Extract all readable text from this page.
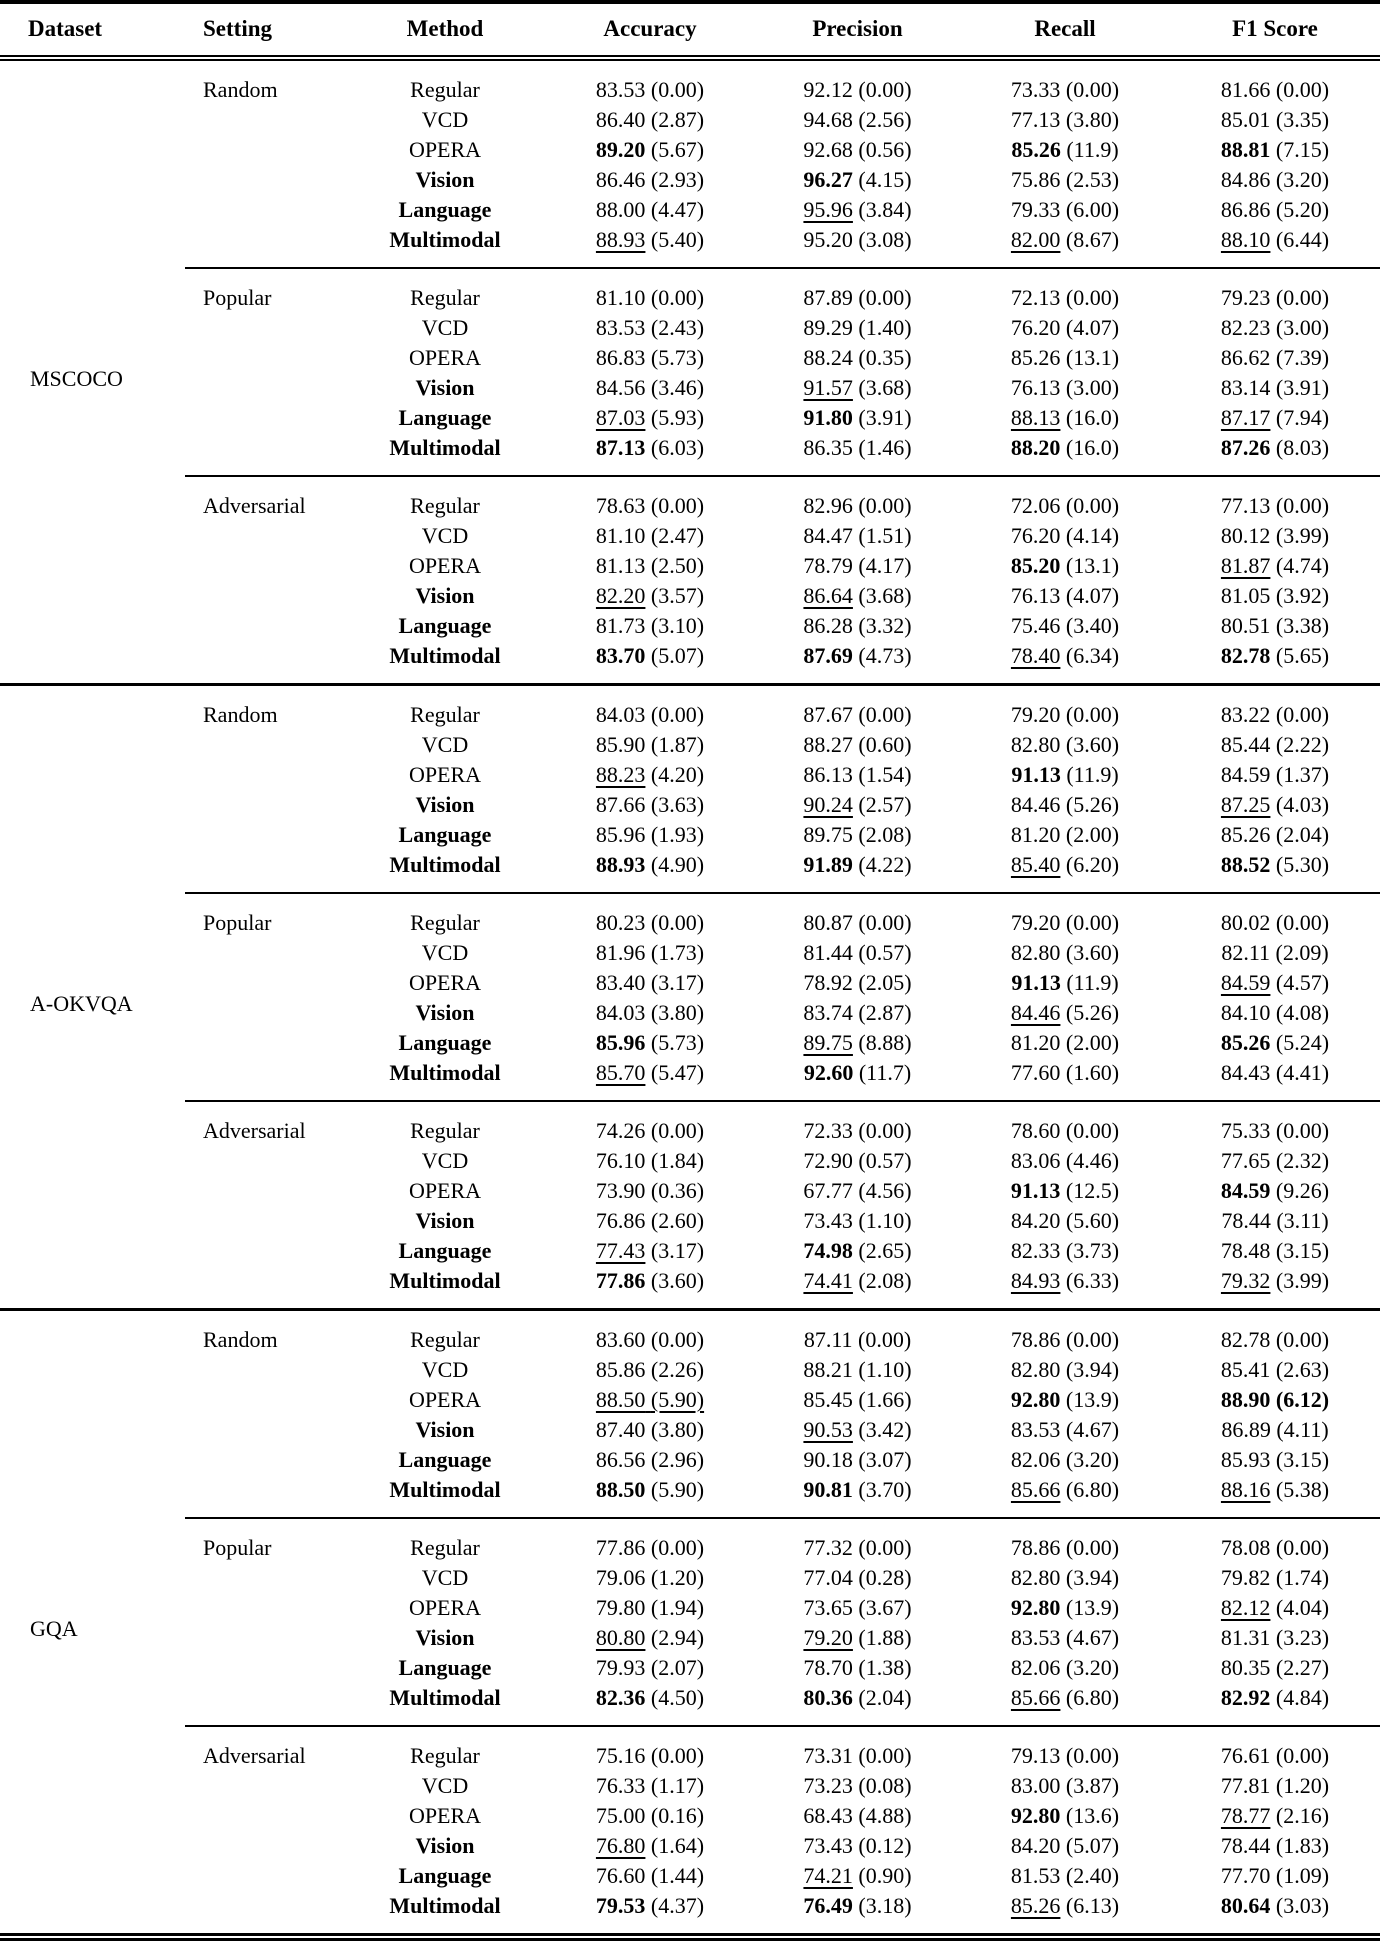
Dataset	Setting	Method	Accuracy	Precision	Recall	F1 Score
MSCOCO	Random	Regular	83.53 (0.00)	92.12 (0.00)	73.33 (0.00)	81.66 (0.00)
		VCD	86.40 (2.87)	94.68 (2.56)	77.13 (3.80)	85.01 (3.35)
		OPERA	89.20 (5.67)	92.68 (0.56)	85.26 (11.9)	88.81 (7.15)
		Vision	86.46 (2.93)	96.27 (4.15)	75.86 (2.53)	84.86 (3.20)
		Language	88.00 (4.47)	95.96 (3.84)	79.33 (6.00)	86.86 (5.20)
		Multimodal	88.93 (5.40)	95.20 (3.08)	82.00 (8.67)	88.10 (6.44)
	Popular	Regular	81.10 (0.00)	87.89 (0.00)	72.13 (0.00)	79.23 (0.00)
		VCD	83.53 (2.43)	89.29 (1.40)	76.20 (4.07)	82.23 (3.00)
		OPERA	86.83 (5.73)	88.24 (0.35)	85.26 (13.1)	86.62 (7.39)
		Vision	84.56 (3.46)	91.57 (3.68)	76.13 (3.00)	83.14 (3.91)
		Language	87.03 (5.93)	91.80 (3.91)	88.13 (16.0)	87.17 (7.94)
		Multimodal	87.13 (6.03)	86.35 (1.46)	88.20 (16.0)	87.26 (8.03)
	Adversarial	Regular	78.63 (0.00)	82.96 (0.00)	72.06 (0.00)	77.13 (0.00)
		VCD	81.10 (2.47)	84.47 (1.51)	76.20 (4.14)	80.12 (3.99)
		OPERA	81.13 (2.50)	78.79 (4.17)	85.20 (13.1)	81.87 (4.74)
		Vision	82.20 (3.57)	86.64 (3.68)	76.13 (4.07)	81.05 (3.92)
		Language	81.73 (3.10)	86.28 (3.32)	75.46 (3.40)	80.51 (3.38)
		Multimodal	83.70 (5.07)	87.69 (4.73)	78.40 (6.34)	82.78 (5.65)
A-OKVQA	Random	Regular	84.03 (0.00)	87.67 (0.00)	79.20 (0.00)	83.22 (0.00)
		VCD	85.90 (1.87)	88.27 (0.60)	82.80 (3.60)	85.44 (2.22)
		OPERA	88.23 (4.20)	86.13 (1.54)	91.13 (11.9)	84.59 (1.37)
		Vision	87.66 (3.63)	90.24 (2.57)	84.46 (5.26)	87.25 (4.03)
		Language	85.96 (1.93)	89.75 (2.08)	81.20 (2.00)	85.26 (2.04)
		Multimodal	88.93 (4.90)	91.89 (4.22)	85.40 (6.20)	88.52 (5.30)
	Popular	Regular	80.23 (0.00)	80.87 (0.00)	79.20 (0.00)	80.02 (0.00)
		VCD	81.96 (1.73)	81.44 (0.57)	82.80 (3.60)	82.11 (2.09)
		OPERA	83.40 (3.17)	78.92 (2.05)	91.13 (11.9)	84.59 (4.57)
		Vision	84.03 (3.80)	83.74 (2.87)	84.46 (5.26)	84.10 (4.08)
		Language	85.96 (5.73)	89.75 (8.88)	81.20 (2.00)	85.26 (5.24)
		Multimodal	85.70 (5.47)	92.60 (11.7)	77.60 (1.60)	84.43 (4.41)
	Adversarial	Regular	74.26 (0.00)	72.33 (0.00)	78.60 (0.00)	75.33 (0.00)
		VCD	76.10 (1.84)	72.90 (0.57)	83.06 (4.46)	77.65 (2.32)
		OPERA	73.90 (0.36)	67.77 (4.56)	91.13 (12.5)	84.59 (9.26)
		Vision	76.86 (2.60)	73.43 (1.10)	84.20 (5.60)	78.44 (3.11)
		Language	77.43 (3.17)	74.98 (2.65)	82.33 (3.73)	78.48 (3.15)
		Multimodal	77.86 (3.60)	74.41 (2.08)	84.93 (6.33)	79.32 (3.99)
GQA	Random	Regular	83.60 (0.00)	87.11 (0.00)	78.86 (0.00)	82.78 (0.00)
		VCD	85.86 (2.26)	88.21 (1.10)	82.80 (3.94)	85.41 (2.63)
		OPERA	88.50 (5.90)	85.45 (1.66)	92.80 (13.9)	88.90 (6.12)
		Vision	87.40 (3.80)	90.53 (3.42)	83.53 (4.67)	86.89 (4.11)
		Language	86.56 (2.96)	90.18 (3.07)	82.06 (3.20)	85.93 (3.15)
		Multimodal	88.50 (5.90)	90.81 (3.70)	85.66 (6.80)	88.16 (5.38)
	Popular	Regular	77.86 (0.00)	77.32 (0.00)	78.86 (0.00)	78.08 (0.00)
		VCD	79.06 (1.20)	77.04 (0.28)	82.80 (3.94)	79.82 (1.74)
		OPERA	79.80 (1.94)	73.65 (3.67)	92.80 (13.9)	82.12 (4.04)
		Vision	80.80 (2.94)	79.20 (1.88)	83.53 (4.67)	81.31 (3.23)
		Language	79.93 (2.07)	78.70 (1.38)	82.06 (3.20)	80.35 (2.27)
		Multimodal	82.36 (4.50)	80.36 (2.04)	85.66 (6.80)	82.92 (4.84)
	Adversarial	Regular	75.16 (0.00)	73.31 (0.00)	79.13 (0.00)	76.61 (0.00)
		VCD	76.33 (1.17)	73.23 (0.08)	83.00 (3.87)	77.81 (1.20)
		OPERA	75.00 (0.16)	68.43 (4.88)	92.80 (13.6)	78.77 (2.16)
		Vision	76.80 (1.64)	73.43 (0.12)	84.20 (5.07)	78.44 (1.83)
		Language	76.60 (1.44)	74.21 (0.90)	81.53 (2.40)	77.70 (1.09)
		Multimodal	79.53 (4.37)	76.49 (3.18)	85.26 (6.13)	80.64 (3.03)
